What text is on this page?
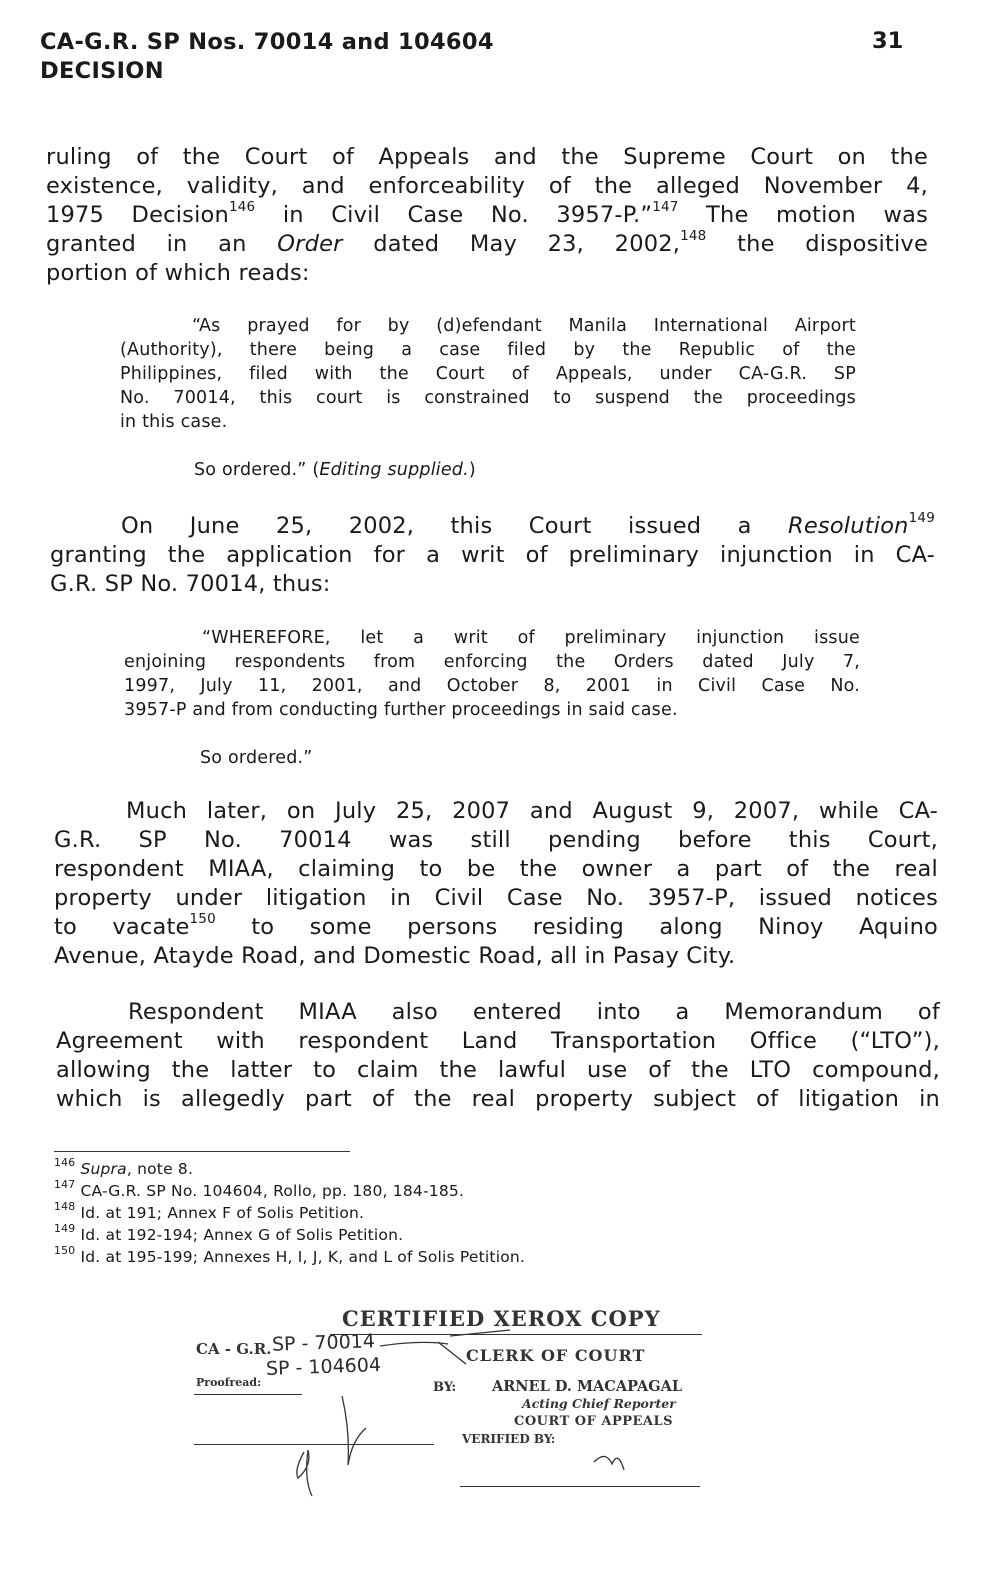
CA-G.R. SP Nos. 70014 and 104604
DECISION
31
ruling of the Court of Appeals and the Supreme Court on the
existence, validity, and enforceability of the alleged November 4,
1975 Decision$^{146}$ in Civil Case No. 3957-P.”$^{147}$ The motion was
granted in an Order dated May 23, 2002,$^{148}$ the dispositive
portion of which reads:
“As prayed for by (d)efendant Manila International Airport
(Authority), there being a case filed by the Republic of the
Philippines, filed with the Court of Appeals, under CA-G.R. SP
No. 70014, this court is constrained to suspend the proceedings
in this case.
So ordered.” (Editing supplied.)
On June 25, 2002, this Court issued a Resolution$^{149}$
granting the application for a writ of preliminary injunction in CA-
G.R. SP No. 70014, thus:
“WHEREFORE, let a writ of preliminary injunction issue
enjoining respondents from enforcing the Orders dated July 7,
1997, July 11, 2001, and October 8, 2001 in Civil Case No.
3957-P and from conducting further proceedings in said case.
So ordered.”
Much later, on July 25, 2007 and August 9, 2007, while CA-
G.R. SP No. 70014 was still pending before this Court,
respondent MIAA, claiming to be the owner a part of the real
property under litigation in Civil Case No. 3957-P, issued notices
to vacate$^{150}$ to some persons residing along Ninoy Aquino
Avenue, Atayde Road, and Domestic Road, all in Pasay City.
Respondent MIAA also entered into a Memorandum of
Agreement with respondent Land Transportation Office (“LTO”),
allowing the latter to claim the lawful use of the LTO compound,
which is allegedly part of the real property subject of litigation in
$^{146}$ Supra, note 8.
$^{147}$ CA-G.R. SP No. 104604, Rollo, pp. 180, 184-185.
$^{148}$ Id. at 191; Annex F of Solis Petition.
$^{149}$ Id. at 192-194; Annex G of Solis Petition.
$^{150}$ Id. at 195-199; Annexes H, I, J, K, and L of Solis Petition.
CERTIFIED XEROX COPY
CA - G.R. SP - 70014
SP - 104604	CLERK OF COURT
Proofread:	BY: ARNEL D. MACAPAGAL
Acting Chief Reporter
COURT OF APPEALS
VERIFIED BY:
